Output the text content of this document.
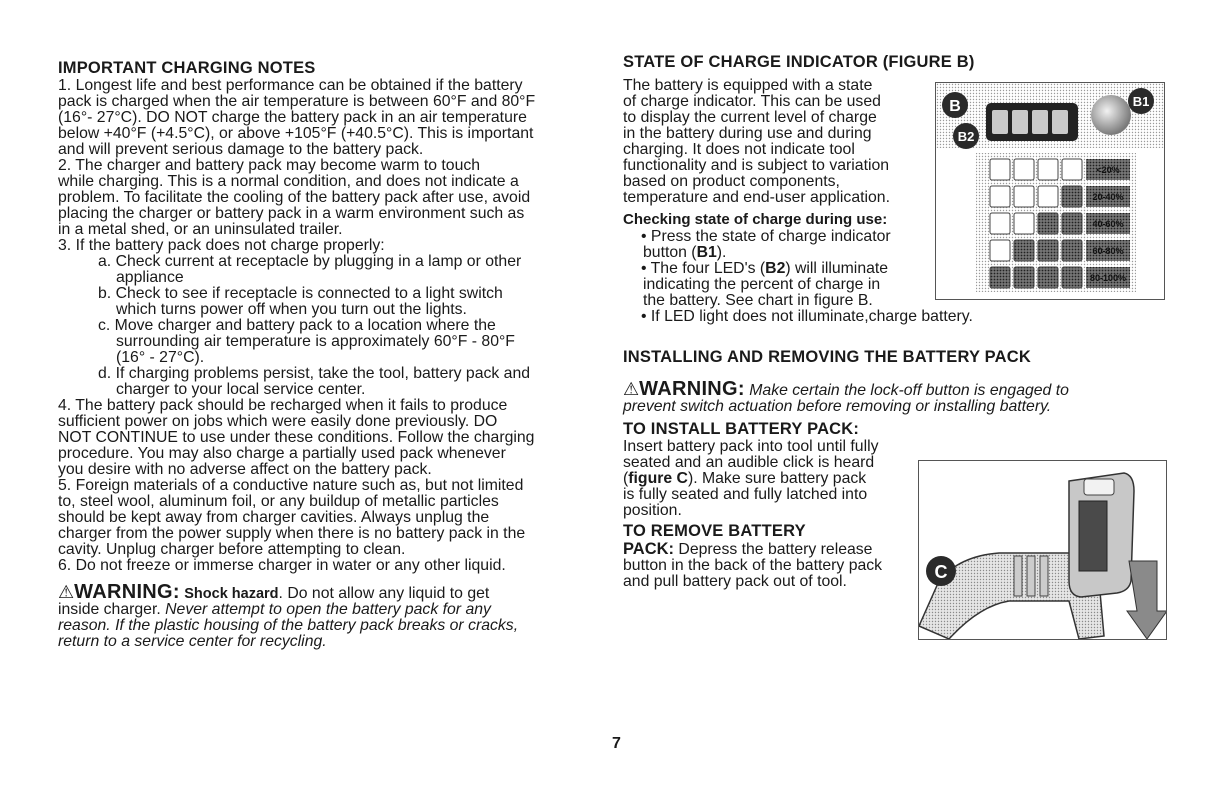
IMPORTANT CHARGING NOTES
1. Longest life and best performance can be obtained if the battery
pack is charged when the air temperature is between 60°F and 80°F
(16°- 27°C). DO NOT charge the battery pack in an air temperature
below +40°F (+4.5°C), or above +105°F (+40.5°C). This is important
and will prevent serious damage to the battery pack.
2. The charger and battery pack may become warm to touch
while charging. This is a normal condition, and does not indicate a
problem. To facilitate the cooling of the battery pack after use, avoid
placing the charger or battery pack in a warm environment such as
in a metal shed, or an uninsulated trailer.
3. If the battery pack does not charge properly:
a. Check current at receptacle by plugging in a lamp or other
appliance
b. Check to see if receptacle is connected to a light switch
which turns power off when you turn out the lights.
c. Move charger and battery pack to a location where the
surrounding air temperature is approximately 60°F - 80°F
(16° - 27°C).
d. If charging problems persist, take the tool, battery pack and
charger to your local service center.
4. The battery pack should be recharged when it fails to produce
sufficient power on jobs which were easily done previously. DO
NOT CONTINUE to use under these conditions. Follow the charging
procedure. You may also charge a partially used pack whenever
you desire with no adverse affect on the battery pack.
5. Foreign materials of a conductive nature such as, but not limited
to, steel wool, aluminum foil, or any buildup of metallic particles
should be kept away from charger cavities. Always unplug the
charger from the power supply when there is no battery pack in the
cavity. Unplug charger before attempting to clean.
6. Do not freeze or immerse charger in water or any other liquid.
⚠WARNING: Shock hazard. Do not allow any liquid to get
inside charger. Never attempt to open the battery pack for any
reason. If the plastic housing of the battery pack breaks or cracks,
return to a service center for recycling.
STATE OF CHARGE INDICATOR (FIGURE B)
The battery is equipped with a state
of charge indicator. This can be used
to display the current level of charge
in the battery during use and during
charging. It does not indicate tool
functionality and is subject to variation
based on product components,
temperature and end-user application.
Checking state of charge during use:
• Press the state of charge indicator
button (B1).
• The four LED's (B2) will illuminate
indicating the percent of charge in
the battery. See chart in figure B.
• If LED light does not illuminate,charge battery.
INSTALLING AND REMOVING THE BATTERY PACK
⚠WARNING: Make certain the lock-off button is engaged to
prevent switch actuation before removing or installing battery.
TO INSTALL BATTERY PACK:
Insert battery pack into tool until fully
seated and an audible click is heard
(figure C). Make sure battery pack
is fully seated and fully latched into
position.
TO REMOVE BATTERY
PACK: Depress the battery release
button in the back of the battery pack
and pull battery pack out of tool.
B	B1
B2
<20%
20-40%
40-60%
60-80%
80-100%
C
7
